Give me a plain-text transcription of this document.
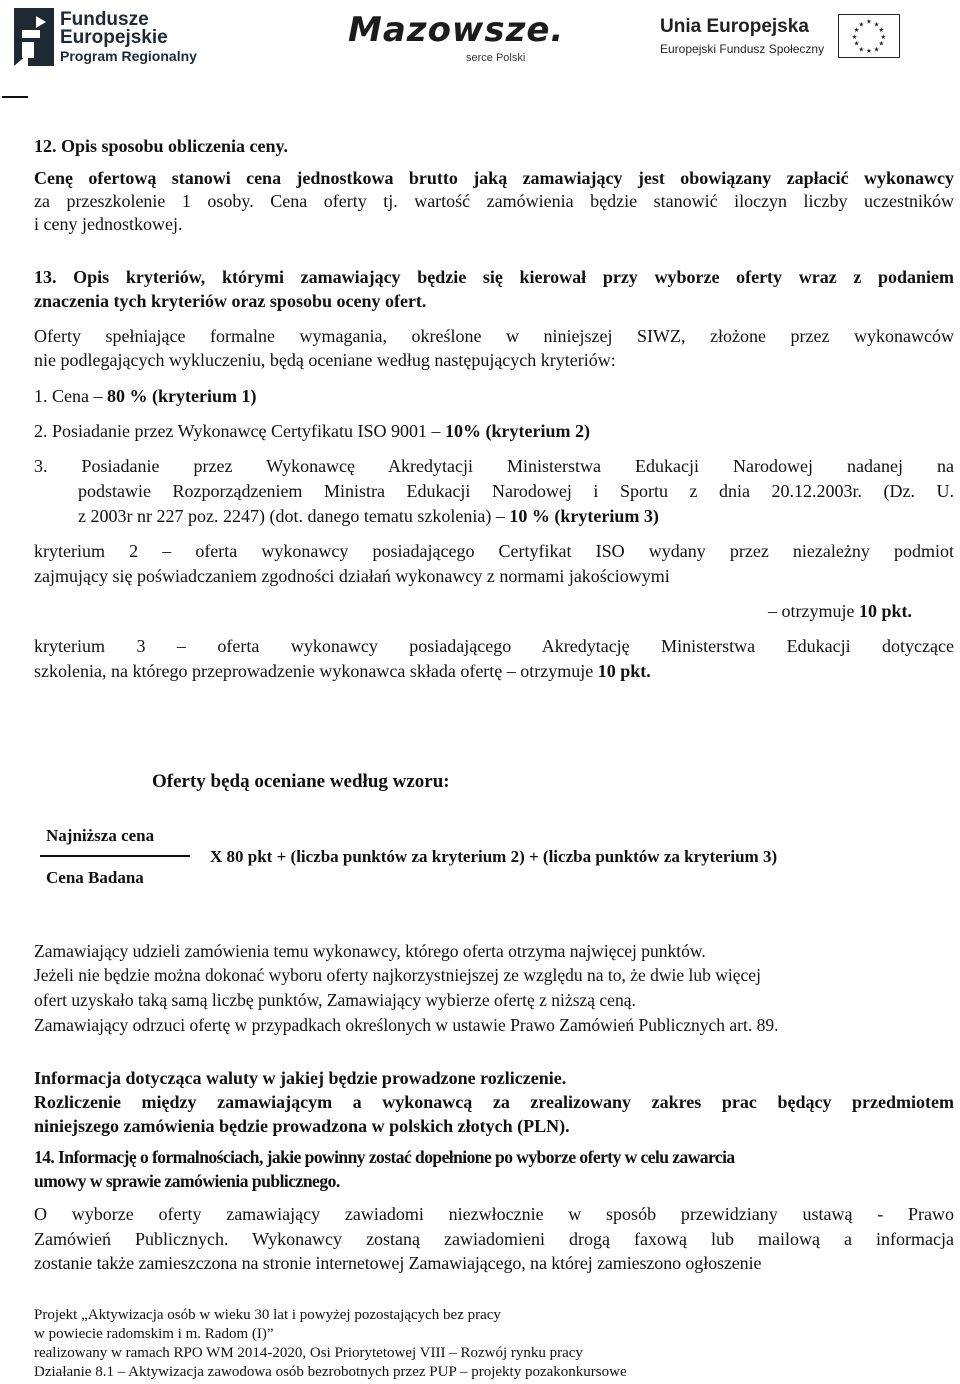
Fundusze
Europejskie
Program Regionalny
Mazowsze.
serce Polski
Unia Europejska
Europejski Fundusz Społeczny
★ ★
★
★
★
★
★
★
★
★
★
★
12. Opis sposobu obliczenia ceny.
Cenę ofertową stanowi cena jednostkowa brutto jaką zamawiający jest obowiązany zapłacić wykonawcy
za przeszkolenie 1 osoby. Cena oferty tj. wartość zamówienia będzie stanowić iloczyn liczby uczestników
i ceny jednostkowej.
13. Opis kryteriów, którymi zamawiający będzie się kierował przy wyborze oferty wraz z podaniem
znaczenia tych kryteriów oraz sposobu oceny ofert.
Oferty spełniające formalne wymagania, określone w niniejszej SIWZ, złożone przez wykonawców
nie podlegających wykluczeniu, będą oceniane według następujących kryteriów:
1. Cena – 80 % (kryterium 1)
2. Posiadanie przez Wykonawcę Certyfikatu ISO 9001 – 10% (kryterium 2)
3. Posiadanie przez Wykonawcę Akredytacji Ministerstwa Edukacji Narodowej nadanej na
podstawie Rozporządzeniem Ministra Edukacji Narodowej i Sportu z dnia 20.12.2003r. (Dz. U.
z 2003r nr 227 poz. 2247) (dot. danego tematu szkolenia) – 10 % (kryterium 3)
kryterium 2 – oferta wykonawcy posiadającego Certyfikat ISO wydany przez niezależny podmiot
zajmujący się poświadczaniem zgodności działań wykonawcy z normami jakościowymi
– otrzymuje 10 pkt.
kryterium 3 – oferta wykonawcy posiadającego Akredytację Ministerstwa Edukacji dotyczące
szkolenia, na którego przeprowadzenie wykonawca składa ofertę – otrzymuje 10 pkt.
Oferty będą oceniane według wzoru:
Najniższa cena
Cena Badana
X 80 pkt + (liczba punktów za kryterium 2) + (liczba punktów za kryterium 3)
Zamawiający udzieli zamówienia temu wykonawcy, którego oferta otrzyma najwięcej punktów.
Jeżeli nie będzie można dokonać wyboru oferty najkorzystniejszej ze względu na to, że dwie lub więcej
ofert uzyskało taką samą liczbę punktów, Zamawiający wybierze ofertę z niższą ceną.
Zamawiający odrzuci ofertę w przypadkach określonych w ustawie Prawo Zamówień Publicznych art. 89.
Informacja dotycząca waluty w jakiej będzie prowadzone rozliczenie.
Rozliczenie między zamawiającym a wykonawcą za zrealizowany zakres prac będący przedmiotem
niniejszego zamówienia będzie prowadzona w polskich złotych (PLN).
14. Informację o formalnościach, jakie powinny zostać dopełnione po wyborze oferty w celu zawarcia
umowy w sprawie zamówienia publicznego.
O wyborze oferty zamawiający zawiadomi niezwłocznie w sposób przewidziany ustawą - Prawo
Zamówień Publicznych. Wykonawcy zostaną zawiadomieni drogą faxową lub mailową a informacja
zostanie także zamieszczona na stronie internetowej Zamawiającego, na której zamieszono ogłoszenie
Projekt „Aktywizacja osób w wieku 30 lat i powyżej pozostających bez pracy
w powiecie radomskim i m. Radom (I)”
realizowany w ramach RPO WM 2014-2020, Osi Priorytetowej VIII – Rozwój rynku pracy
Działanie 8.1 – Aktywizacja zawodowa osób bezrobotnych przez PUP – projekty pozakonkursowe
